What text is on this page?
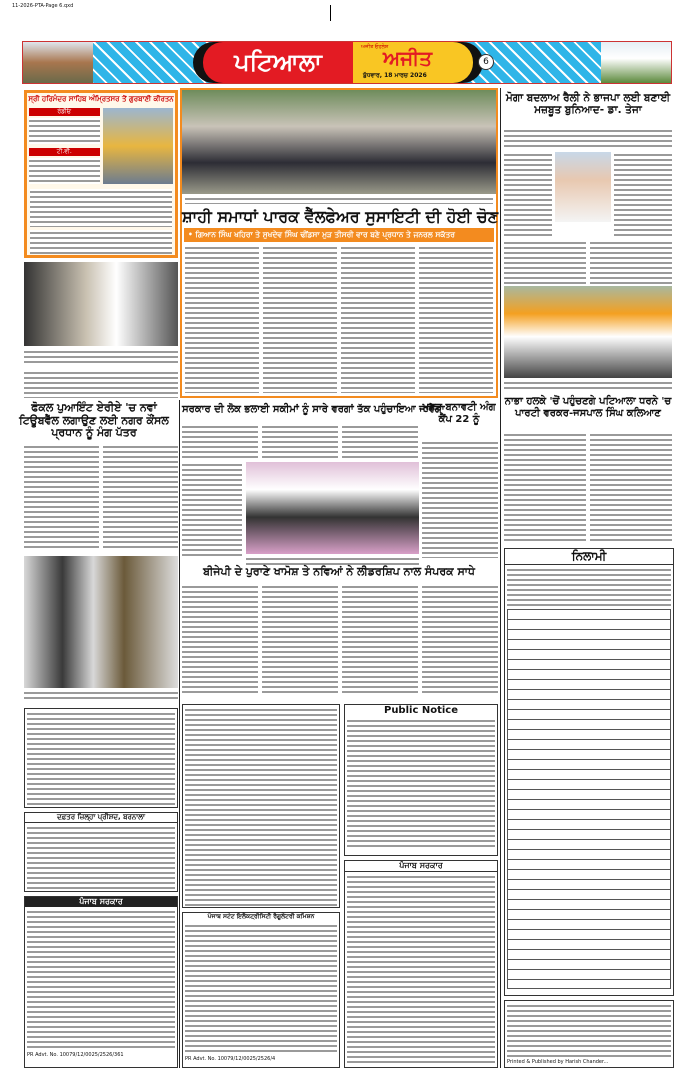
11-2026-PTA-Page 6.qxd
ਪਟਿਆਲਾ
ਅਜੀਤ ਓਹਲੇਸ਼
ਅਜੀਤ
ਬੁੱਧਵਾਰ, 18 ਮਾਰਚ 2026
6
ਸ੍ਰੀ ਹਰਿਮੰਦਰ ਸਾਹਿਬ ਅੰਮ੍ਰਿਤਸਰ ਤੋਂ ਗੁਰਬਾਣੀ ਕੀਰਤਨ
ਰੇਡੀਓ
ਟੀ.ਵੀ.
ਫੋਕਲ ਪੁਆਇੰਟ ਏਰੀਏ 'ਚ ਨਵਾਂ ਟਿਊਬਵੈੱਲ ਲਗਾਉਣ ਲਈ ਨਗਰ ਕੌਂਸਲ ਪ੍ਰਧਾਨ ਨੂੰ ਮੰਗ ਪੱਤਰ
ਦਫ਼ਤਰ ਜ਼ਿਲ੍ਹਾ ਪ੍ਰੀਸ਼ਦ, ਬਰਨਾਲਾ
ਪੰਜਾਬ ਸਰਕਾਰ
PR Advt. No. 10079/12/0025/2526/361
ਸ਼ਾਹੀ ਸਮਾਧਾਂ ਪਾਰਕ ਵੈੱਲਫੇਅਰ ਸੁਸਾਇਟੀ ਦੀ ਹੋਈ ਚੋਣ
• ਗਿਆਨ ਸਿੰਘ ਖਹਿਰਾ ਤੇ ਸੁਖਦੇਵ ਸਿੰਘ ਢੀਂਡਸਾ ਮੁੜ ਤੀਸਰੀ ਵਾਰ ਬਣੇ ਪ੍ਰਧਾਨ ਤੇ ਜਨਰਲ ਸਕੱਤਰ
ਸਰਕਾਰ ਦੀ ਲੋਕ ਭਲਾਈ ਸਕੀਮਾਂ ਨੂੰ ਸਾਰੇ ਵਰਗਾਂ ਤੱਕ ਪਹੁੰਚਾਇਆ ਜਾਵੇਗਾ
ਮੁਫ਼ਤ ਬਨਾਵਟੀ ਅੰਗ ਕੈਂਪ 22 ਨੂੰ
ਬੀਜੇਪੀ ਦੇ ਪੁਰਾਣੇ ਖਾਮੋਸ਼ ਤੇ ਨਵਿਆਂ ਨੇ ਲੀਡਰਸ਼ਿਪ ਨਾਲ ਸੰਪਰਕ ਸਾਧੇ
ਪੰਜਾਬ ਸਟੇਟ ਇਲੈਕਟ੍ਰੀਸਿਟੀ ਰੈਗੂਲੇਟਰੀ ਕਮਿਸ਼ਨ
PR Advt. No. 10079/12/0025/2526/4
Public Notice
ਪੰਜਾਬ ਸਰਕਾਰ
ਮੋਗਾ ਬਦਲਾਅ ਰੈਲੀ ਨੇ ਭਾਜਪਾ ਲਈ ਬਣਾਈ ਮਜ਼ਬੂਤ ਬੁਨਿਆਦ- ਡਾ. ਤੇਜਾ
ਨਾਭਾ ਹਲਕੇ 'ਚੋਂ ਪਹੁੰਚਣਗੇ ਪਟਿਆਲਾ ਧਰਨੇ 'ਚ ਪਾਰਟੀ ਵਰਕਰ-ਜਸਪਾਲ ਸਿੰਘ ਕਲਿਆਣ
ਨਿਲਾਮੀ
Printed & Published by Harish Chander...
